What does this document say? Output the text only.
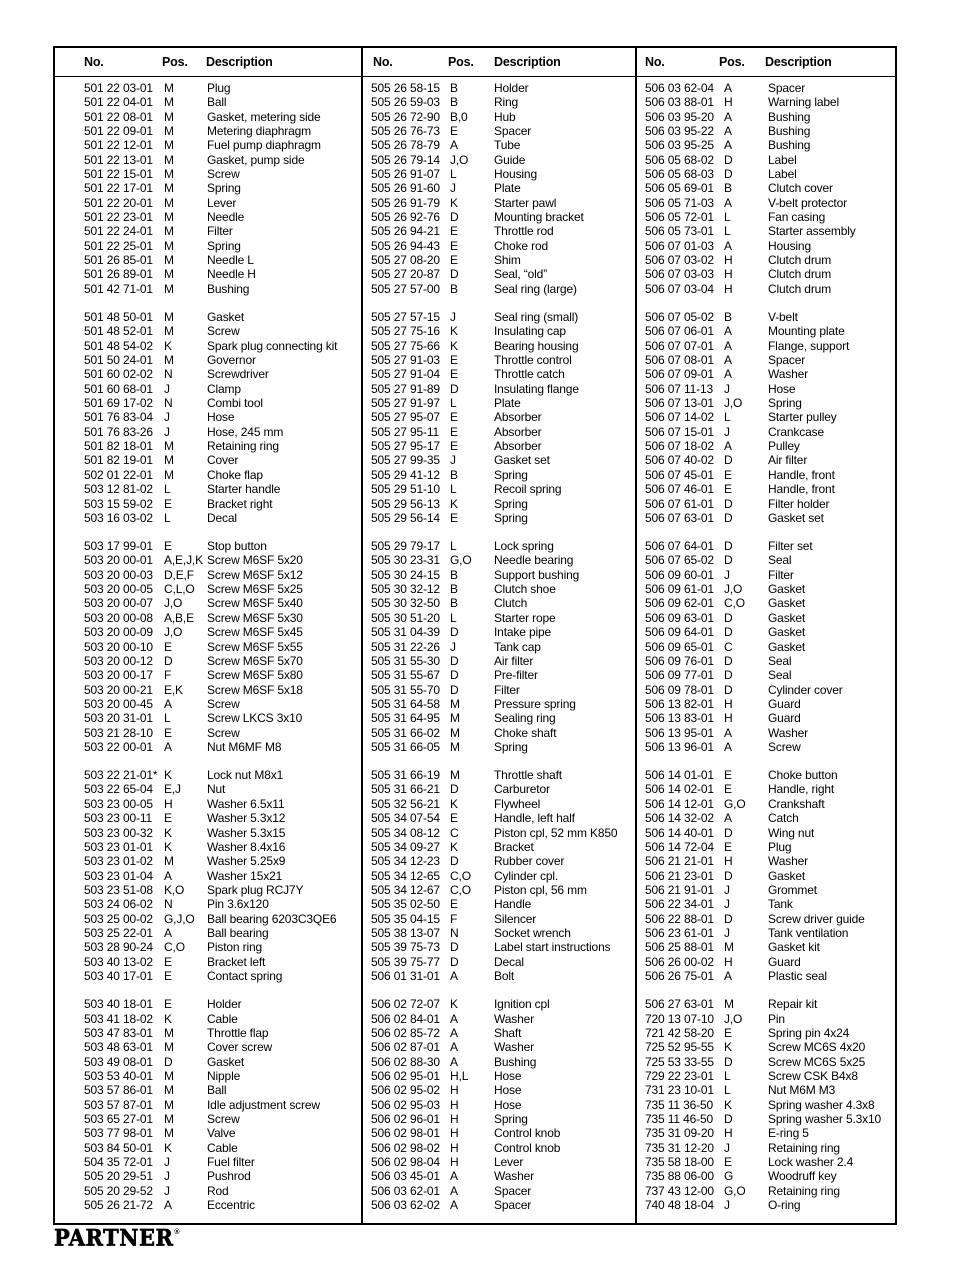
No.	Pos. Description
501 22 03-01 M	Plug
501 22 04-01 M	Ball
501 22 08-01 M	Gasket, metering side
501 22 09-01 M	Metering diaphragm
501 22 12-01 M	Fuel pump diaphragm
501 22 13-01 M	Gasket, pump side
501 22 15-01 M	Screw
501 22 17-01 M	Spring
501 22 20-01 M	Lever
501 22 23-01 M	Needle
501 22 24-01 M	Filter
501 22 25-01 M	Spring
501 26 85-01 M	Needle L
501 26 89-01 M	Needle H
501 42 71-01 M	Bushing
501 48 50-01 M	Gasket
501 48 52-01 M	Screw
501 48 54-02 K	Spark plug connecting kit
501 50 24-01 M	Governor
501 60 02-02 N	Screwdriver
501 60 68-01 J	Clamp
501 69 17-02 N	Combi tool
501 76 83-04 J	Hose
501 76 83-26 J	Hose, 245 mm
501 82 18-01 M	Retaining ring
501 82 19-01 M	Cover
502 01 22-01 M	Choke flap
503 12 81-02 L	Starter handle
503 15 59-02 E	Bracket right
503 16 03-02 L	Decal
503 17 99-01 E	Stop button
503 20 00-01 A,E,J,K Screw M6SF 5x20
503 20 00-03 D,E,F Screw M6SF 5x12
503 20 00-05 C,L,O Screw M6SF 5x25
503 20 00-07 J,O Screw M6SF 5x40
503 20 00-08 A,B,E Screw M6SF 5x30
503 20 00-09 J,O Screw M6SF 5x45
503 20 00-10 E	Screw M6SF 5x55
503 20 00-12 D	Screw M6SF 5x70
503 20 00-17 F	Screw M6SF 5x80
503 20 00-21 E,K Screw M6SF 5x18
503 20 00-45 A	Screw
503 20 31-01 L	Screw LKCS 3x10
503 21 28-10 E	Screw
503 22 00-01 A	Nut M6MF M8
503 22 21-01* K	Lock nut M8x1
503 22 65-04 E,J Nut
503 23 00-05 H	Washer 6.5x11
503 23 00-11 E	Washer 5.3x12
503 23 00-32 K	Washer 5.3x15
503 23 01-01 K	Washer 8.4x16
503 23 01-02 M	Washer 5.25x9
503 23 01-04 A	Washer 15x21
503 23 51-08 K,O Spark plug RCJ7Y
503 24 06-02 N	Pin 3.6x120
503 25 00-02 G,J,O Ball bearing 6203C3QE6
503 25 22-01 A	Ball bearing
503 28 90-24 C,O Piston ring
503 40 13-02 E	Bracket left
503 40 17-01 E	Contact spring
503 40 18-01 E	Holder
503 41 18-02 K	Cable
503 47 83-01 M	Throttle flap
503 48 63-01 M	Cover screw
503 49 08-01 D	Gasket
503 53 40-01 M	Nipple
503 57 86-01 M	Ball
503 57 87-01 M	Idle adjustment screw
503 65 27-01 M	Screw
503 77 98-01 M	Valve
503 84 50-01 K	Cable
504 35 72-01 J	Fuel filter
505 20 29-51 J	Pushrod
505 20 29-52 J	Rod
505 26 21-72 A	Eccentric
No.	Pos. Description
505 26 58-15 B	Holder
505 26 59-03 B	Ring
505 26 72-90 B,0 Hub
505 26 76-73 E	Spacer
505 26 78-79 A	Tube
505 26 79-14 J,O Guide
505 26 91-07 L	Housing
505 26 91-60 J	Plate
505 26 91-79 K	Starter pawl
505 26 92-76 D	Mounting bracket
505 26 94-21 E	Throttle rod
505 26 94-43 E	Choke rod
505 27 08-20 E	Shim
505 27 20-87 D	Seal, “old”
505 27 57-00 B	Seal ring (large)
505 27 57-15 J	Seal ring (small)
505 27 75-16 K	Insulating cap
505 27 75-66 K	Bearing housing
505 27 91-03 E	Throttle control
505 27 91-04 E	Throttle catch
505 27 91-89 D	Insulating flange
505 27 91-97 L	Plate
505 27 95-07 E	Absorber
505 27 95-11 E	Absorber
505 27 95-17 E	Absorber
505 27 99-35 J	Gasket set
505 29 41-12 B	Spring
505 29 51-10 L	Recoil spring
505 29 56-13 K	Spring
505 29 56-14 E	Spring
505 29 79-17 L	Lock spring
505 30 23-31 G,O Needle bearing
505 30 24-15 B	Support bushing
505 30 32-12 B	Clutch shoe
505 30 32-50 B	Clutch
505 30 51-20 L	Starter rope
505 31 04-39 D	Intake pipe
505 31 22-26 J	Tank cap
505 31 55-30 D	Air filter
505 31 55-67 D	Pre-filter
505 31 55-70 D	Filter
505 31 64-58 M	Pressure spring
505 31 64-95 M	Sealing ring
505 31 66-02 M	Choke shaft
505 31 66-05 M	Spring
505 31 66-19 M	Throttle shaft
505 31 66-21 D	Carburetor
505 32 56-21 K	Flywheel
505 34 07-54 E	Handle, left half
505 34 08-12 C	Piston cpl, 52 mm K850
505 34 09-27 K	Bracket
505 34 12-23 D	Rubber cover
505 34 12-65 C,O Cylinder cpl.
505 34 12-67 C,O Piston cpl, 56 mm
505 35 02-50 E	Handle
505 35 04-15 F	Silencer
505 38 13-07 N	Socket wrench
505 39 75-73 D	Label start instructions
505 39 75-77 D	Decal
506 01 31-01 A	Bolt
506 02 72-07 K	Ignition cpl
506 02 84-01 A	Washer
506 02 85-72 A	Shaft
506 02 87-01 A	Washer
506 02 88-30 A	Bushing
506 02 95-01 H,L Hose
506 02 95-02 H	Hose
506 02 95-03 H	Hose
506 02 96-01 H	Spring
506 02 98-01 H	Control knob
506 02 98-02 H	Control knob
506 02 98-04 H	Lever
506 03 45-01 A	Washer
506 03 62-01 A	Spacer
506 03 62-02 A	Spacer
No.	Pos. Description
506 03 62-04 A	Spacer
506 03 88-01 H	Warning label
506 03 95-20 A	Bushing
506 03 95-22 A	Bushing
506 03 95-25 A	Bushing
506 05 68-02 D	Label
506 05 68-03 D	Label
506 05 69-01 B	Clutch cover
506 05 71-03 A	V-belt protector
506 05 72-01 L	Fan casing
506 05 73-01 L	Starter assembly
506 07 01-03 A	Housing
506 07 03-02 H	Clutch drum
506 07 03-03 H	Clutch drum
506 07 03-04 H	Clutch drum
506 07 05-02 B	V-belt
506 07 06-01 A	Mounting plate
506 07 07-01 A	Flange, support
506 07 08-01 A	Spacer
506 07 09-01 A	Washer
506 07 11-13 J	Hose
506 07 13-01 J,O Spring
506 07 14-02 L	Starter pulley
506 07 15-01 J	Crankcase
506 07 18-02 A	Pulley
506 07 40-02 D	Air filter
506 07 45-01 E	Handle, front
506 07 46-01 E	Handle, front
506 07 61-01 D	Filter holder
506 07 63-01 D	Gasket set
506 07 64-01 D	Filter set
506 07 65-02 D	Seal
506 09 60-01 J	Filter
506 09 61-01 J,O Gasket
506 09 62-01 C,O Gasket
506 09 63-01 D	Gasket
506 09 64-01 D	Gasket
506 09 65-01 C	Gasket
506 09 76-01 D	Seal
506 09 77-01 D	Seal
506 09 78-01 D	Cylinder cover
506 13 82-01 H	Guard
506 13 83-01 H	Guard
506 13 95-01 A	Washer
506 13 96-01 A	Screw
506 14 01-01 E	Choke button
506 14 02-01 E	Handle, right
506 14 12-01 G,O Crankshaft
506 14 32-02 A	Catch
506 14 40-01 D	Wing nut
506 14 72-04 E	Plug
506 21 21-01 H	Washer
506 21 23-01 D	Gasket
506 21 91-01 J	Grommet
506 22 34-01 J	Tank
506 22 88-01 D	Screw driver guide
506 23 61-01 J	Tank ventilation
506 25 88-01 M	Gasket kit
506 26 00-02 H	Guard
506 26 75-01 A	Plastic seal
506 27 63-01 M	Repair kit
720 13 07-10 J,O Pin
721 42 58-20 E	Spring pin 4x24
725 52 95-55 K	Screw MC6S 4x20
725 53 33-55 D	Screw MC6S 5x25
729 22 23-01 L	Screw CSK B4x8
731 23 10-01 L	Nut M6M M3
735 11 36-50 K	Spring washer 4.3x8
735 11 46-50 D	Spring washer 5.3x10
735 31 09-20 H	E-ring 5
735 31 12-20 J	Retaining ring
735 58 18-00 E	Lock washer 2.4
735 88 06-00 G	Woodruff key
737 43 12-00 G,O Retaining ring
740 48 18-04 J	O-ring
PARTNER ®
